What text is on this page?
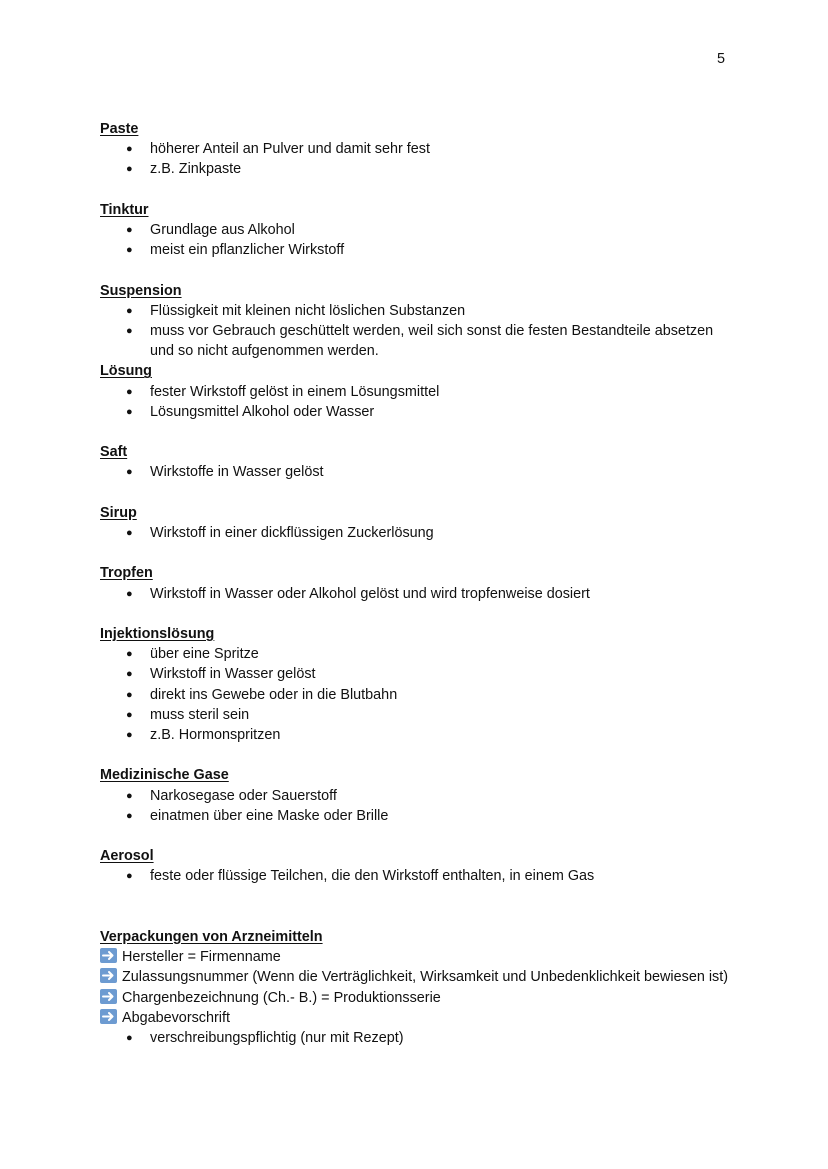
5

Paste

● höherer Anteil an Pulver und damit sehr fest
● z.B. Zinkpaste

Tinktur

● Grundlage aus Alkohol
● meist ein pflanzlicher Wirkstoff

Suspension

● Flüssigkeit mit kleinen nicht löslichen Substanzen
● muss vor Gebrauch geschüttelt werden, weil sich sonst die festen Bestandteile absetzen und so nicht aufgenommen werden.

Lösung

● fester Wirkstoff gelöst in einem Lösungsmittel
● Lösungsmittel Alkohol oder Wasser

Saft

● Wirkstoffe in Wasser gelöst

Sirup

● Wirkstoff in einer dickflüssigen Zuckerlösung

Tropfen

● Wirkstoff in Wasser oder Alkohol gelöst und wird tropfenweise dosiert

Injektionslösung

● über eine Spritze
● Wirkstoff in Wasser gelöst
● direkt ins Gewebe oder in die Blutbahn
● muss steril sein
● z.B. Hormonspritzen

Medizinische Gase

● Narkosegase oder Sauerstoff
● einatmen über eine Maske oder Brille

Aerosol

● feste oder flüssige Teilchen, die den Wirkstoff enthalten, in einem Gas

Verpackungen von Arzneimitteln

Hersteller = Firmenname
Zulassungsnummer (Wenn die Verträglichkeit, Wirksamkeit und Unbedenklichkeit bewiesen ist)
Chargenbezeichnung (Ch.- B.) = Produktionsserie
Abgabevorschrift
● verschreibungspflichtig (nur mit Rezept)
